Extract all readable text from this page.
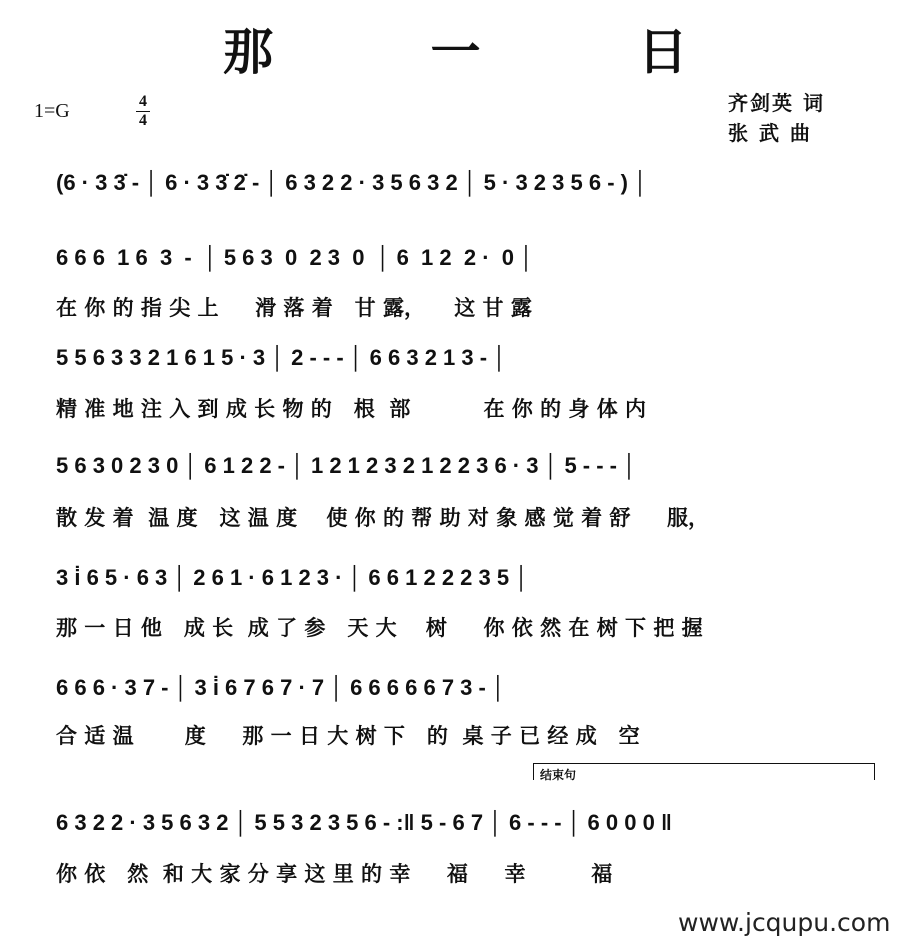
那 一 日
1=G	4
4
齐剑英 词
张 武 曲
(6 · 3 3̇ - │ 6 · 3 3̇ 2̇ - │ 6 3 2 2 · 3 5 6 3 2 │ 5 · 3 2 3 5 6 - ) │
6 6 6  1 6  3  -  │ 5 6 3  0  2 3  0  │ 6  1 2  2 ·  0 │
在 你 的 指 尖 上     滑 落 着   甘 露，    这 甘 露
5 5 6 3 3 2 1 6 1 5 · 3 │ 2 - - - │ 6 6 3 2 1 3 - │
精 准 地 注 入 到 成 长 物 的   根  部          在 你 的 身 体 内
5 6 3 0 2 3 0 │ 6 1 2 2 - │ 1 2 1 2 3 2 1 2 2 3 6 · 3 │ 5 - - - │
散 发 着  温 度   这 温 度    使 你 的 帮 助 对 象 感 觉 着 舒     服，
3 i̇ 6 5 · 6 3 │ 2 6 1 · 6 1 2 3 · │ 6 6 1 2 2 2 3 5 │
那 一 日 他   成 长  成 了 参   天 大    树     你 依 然 在 树 下 把 握
6 6 6 · 3 7 - │ 3 i̇ 6 7 6 7 · 7 │ 6 6 6 6 6 7 3 - │
合 适 温       度     那 一 日 大 树 下   的  桌 子 已 经 成   空
结束句
6 3 2 2 · 3 5 6 3 2 │ 5 5 3 2 3 5 6 - :‖ 5 - 6 7 │ 6 - - - │ 6 0 0 0 ‖
你 依   然  和 大 家 分 享 这 里 的 幸     福     幸         福
www.jcqupu.com
